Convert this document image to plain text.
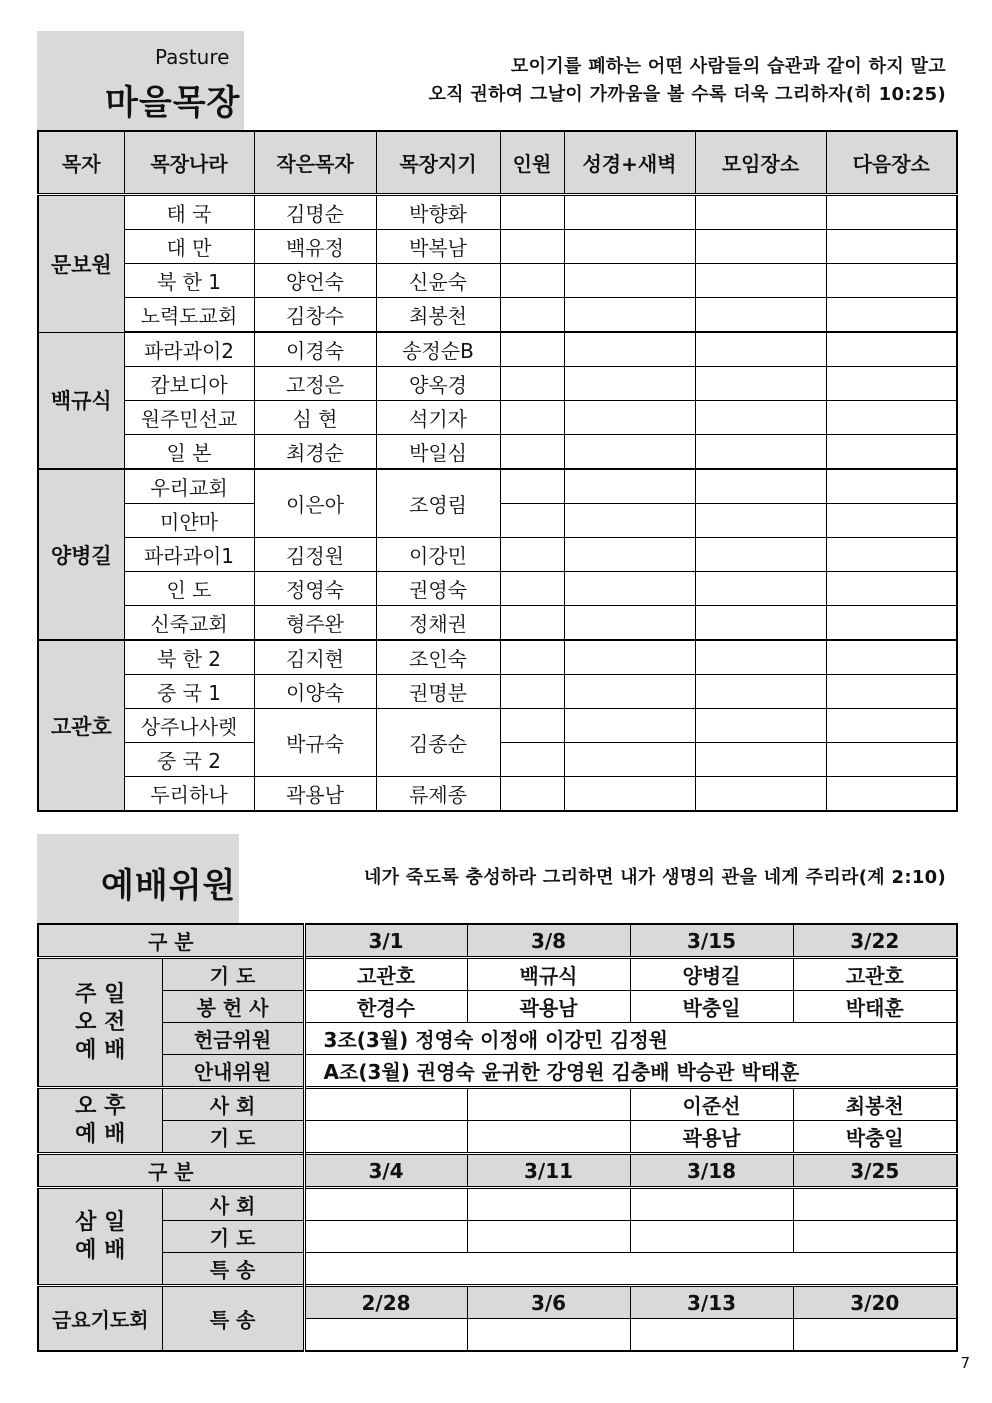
Pasture
마을목장
모이기를 폐하는 어떤 사람들의 습관과 같이 하지 말고
오직 권하여 그날이 가까움을 볼 수록 더욱 그리하자(히 10:25)
목자	목장나라	작은목자	목장지기	인원	성경+새벽	모임장소	다음장소
문보원	태 국	김명순	박향화				
	대 만	백유정	박복남				
	북 한 1	양언숙	신윤숙				
	노력도교회	김창수	최봉천				
백규식	파라과이2	이경숙	송정순B				
	캄보디아	고정은	양옥경				
	원주민선교	심 현	석기자				
	일 본	최경순	박일심				
양병길	우리교회	이은아	조영림				
	미얀마						
	파라과이1	김정원	이강민				
	인 도	정영숙	권영숙				
	신죽교회	형주완	정채권				
고관호	북 한 2	김지현	조인숙				
	중 국 1	이양숙	권명분				
	상주나사렛	박규숙	김종순				
	중 국 2						
	두리하나	곽용남	류제종				
예배위원	네가 죽도록 충성하라 그리하면 내가 생명의 관을 네게 주리라(계 2:10)
구 분		3/1	3/8	3/15	3/22
주 일
오 전
예 배	기 도	고관호	백규식	양병길	고관호
	봉 헌 사	한경수	곽용남	박충일	박태훈
	헌금위원	3조(3월) 정영숙 이정애 이강민 김정원			
	안내위원	A조(3월) 권영숙 윤귀한 강영원 김충배 박승관 박태훈			
오 후
예 배	사 회			이준선	최봉천
	기 도			곽용남	박충일
구 분		3/4	3/11	3/18	3/25
삼 일
예 배	사 회				
	기 도				
	특 송				
금요기도회	특 송	2/28	3/6	3/13	3/20

7
